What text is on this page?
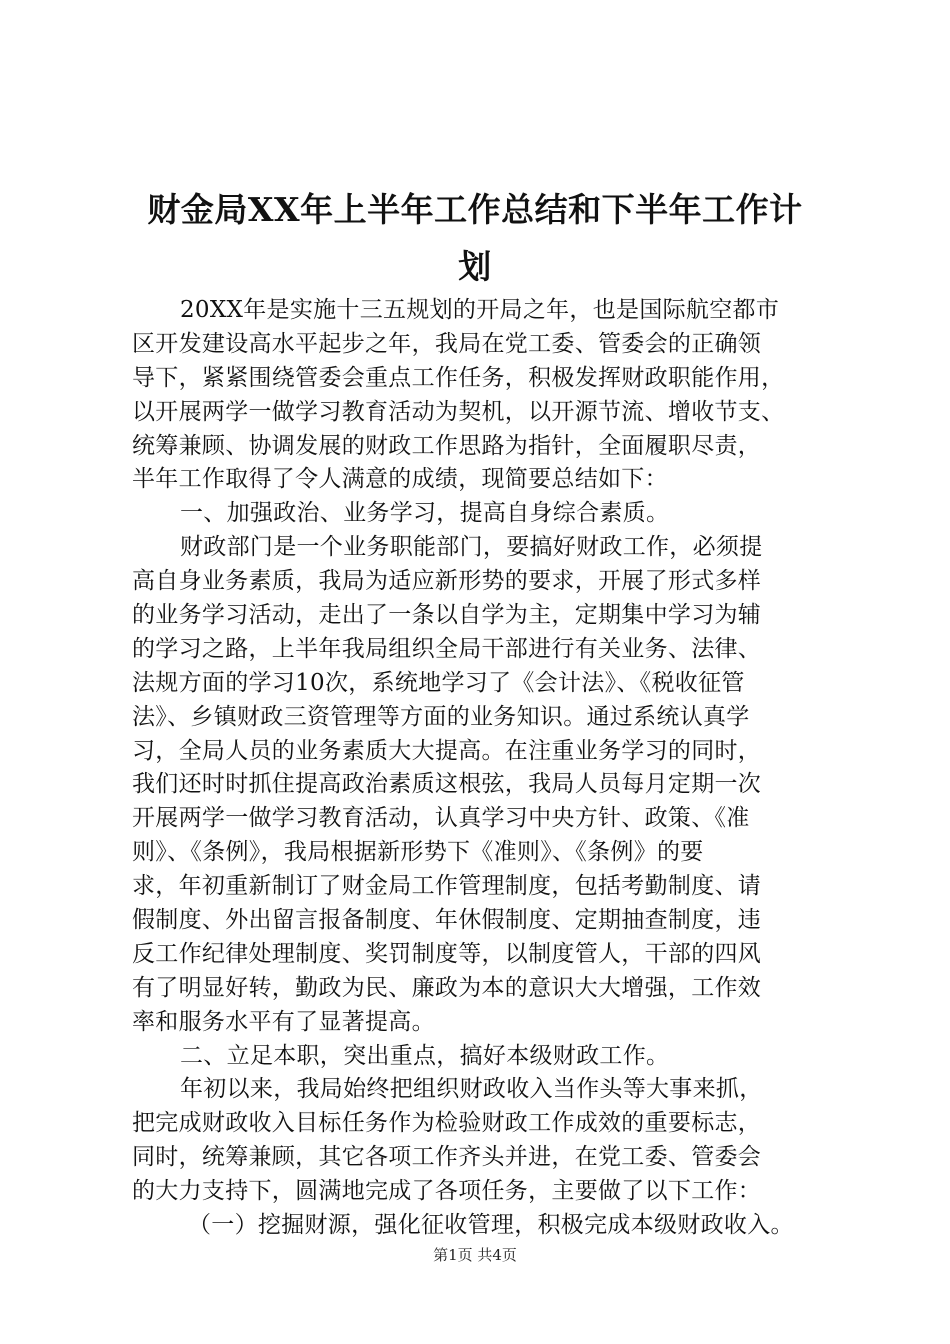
财金局XX年上半年工作总结和下半年工作计
划
20XX年是实施十三五规划的开局之年，也是国际航空都市
区开发建设高水平起步之年，我局在党工委、管委会的正确领
导下，紧紧围绕管委会重点工作任务，积极发挥财政职能作用，
以开展两学一做学习教育活动为契机，以开源节流、增收节支、
统筹兼顾、协调发展的财政工作思路为指针，全面履职尽责，
半年工作取得了令人满意的成绩，现简要总结如下：
一、加强政治、业务学习，提高自身综合素质。
财政部门是一个业务职能部门，要搞好财政工作，必须提
高自身业务素质，我局为适应新形势的要求，开展了形式多样
的业务学习活动，走出了一条以自学为主，定期集中学习为辅
的学习之路，上半年我局组织全局干部进行有关业务、法律、
法规方面的学习10次，系统地学习了《会计法》、《税收征管
法》、乡镇财政三资管理等方面的业务知识。通过系统认真学
习，全局人员的业务素质大大提高。在注重业务学习的同时，
我们还时时抓住提高政治素质这根弦，我局人员每月定期一次
开展两学一做学习教育活动，认真学习中央方针、政策、《准
则》、《条例》，我局根据新形势下《准则》、《条例》的要
求，年初重新制订了财金局工作管理制度，包括考勤制度、请
假制度、外出留言报备制度、年休假制度、定期抽查制度，违
反工作纪律处理制度、奖罚制度等，以制度管人，干部的四风
有了明显好转，勤政为民、廉政为本的意识大大增强，工作效
率和服务水平有了显著提高。
二、立足本职，突出重点，搞好本级财政工作。
年初以来，我局始终把组织财政收入当作头等大事来抓，
把完成财政收入目标任务作为检验财政工作成效的重要标志，
同时，统筹兼顾，其它各项工作齐头并进，在党工委、管委会
的大力支持下，圆满地完成了各项任务，主要做了以下工作：
（一）挖掘财源，强化征收管理，积极完成本级财政收入。
第1页 共4页
